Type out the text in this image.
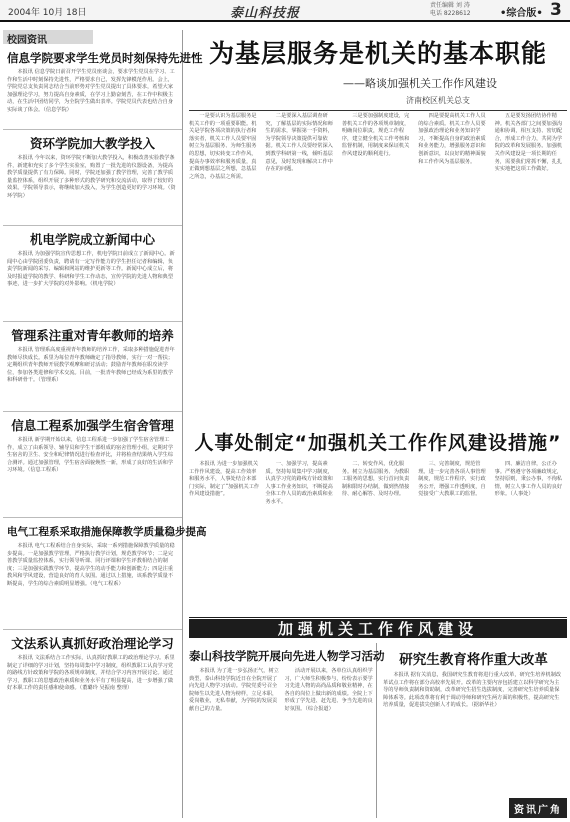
2004年 10月 18日	泰山科技报
责任编辑 刘 涛
电话 8228612	•综合版• 3
校园资讯
信息学院要求学生党员时刻保持先进性
本报讯 信息学院日前召开学生党员座谈会，要求学生党员在学习、工作和生活中时刻保持先进性，严格要求自己，发挥先锋模范作用。会上，学院党总支负责同志结合当前形势对学生党员提出了具体要求，希望大家加强理论学习，努力提高自身素质，在学习上勤奋刻苦，在工作中积极主动，在生活中团结同学，为全院学生做出表率。学院党员代表也结合自身实际谈了体会。（信息学院）
资环学院加大教学投入
本报讯 今年以来，资环学院不断加大教学投入，积极改善实验教学条件，新建和充实了多个学生实验室，购置了一批先进的仪器设备，为提高教学质量提供了有力保障。同时，学院还加强了教学管理，完善了教学质量监控体系，组织开展了多种形式的教学研究和交流活动，取得了较好的效果。学院领导表示，将继续加大投入，为学生创造更好的学习环境。（资环学院）
机电学院成立新闻中心
本报讯 为加强学院宣传思想工作，机电学院日前成立了新闻中心。新闻中心由学院团委负责，聘请有一定写作能力的学生担任记者和编辑，负责学院新闻的采写、编辑和网站的维护更新等工作。新闻中心成立后，将及时报道学院的教学、科研和学生工作动态，宣传学院的先进人物和典型事迹，进一步扩大学院的对外影响。（机电学院）
管理系注重对青年教师的培养
本报讯 管理系高度重视青年教师的培养工作，采取多种措施促进青年教师尽快成长。系里为每位青年教师确定了指导教师，实行一对一帮扶；定期组织青年教师开展教学观摩和研讨活动；鼓励青年教师在职攻读学位，参加各类进修和学术交流。目前，一批青年教师已经成为系里的教学和科研骨干。（管理系）
信息工程系加强学生宿舍管理
本报讯 新学期开始以来，信息工程系进一步加强了学生宿舍管理工作，成立了由系领导、辅导员和学生干部组成的宿舍管理小组，定期对学生宿舍的卫生、安全和纪律情况进行检查评比，并将检查结果纳入学生综合测评。通过加强管理，学生宿舍面貌焕然一新，形成了良好的生活和学习环境。（信息工程系）
电气工程系采取措施保障教学质量稳步提高
本报讯 电气工程系结合自身实际，采取一系列措施保障教学质量的稳步提高。一是加强教学管理，严格执行教学计划，规范教学环节；二是完善教学质量监控体系，实行领导听课、同行评课和学生评教相结合的制度；三是加强实践教学环节，提高学生的动手能力和创新能力；四是注重教风和学风建设，营造良好的育人氛围。通过以上措施，该系教学质量不断提高，学生的综合素质明显增强。（电气工程系）
文法系认真抓好政治理论学习
本报讯 文法系结合工作实际，认真抓好教职工的政治理论学习。系里制定了详细的学习计划，坚持每周集中学习制度，组织教职工认真学习党的路线方针政策和学院的各项规章制度，并结合学习内容开展讨论。通过学习，教职工的思想政治素质和业务水平有了明显提高，进一步增强了做好本职工作的责任感和使命感。（董璐玲 吴振南 整理）
为基层服务是机关的基本职能
——略谈加强机关工作作风建设
济南校区机关总支
一是要认识为基层服务是机关工作的一项重要职能。机关是学院各项决策的执行者和落实者，机关工作人员要牢固树立为基层服务、为师生服务的思想，切实转变工作作风，提高办事效率和服务质量，真正做到想基层之所想，急基层之所急，办基层之所需。
二是要深入基层调查研究，了解基层的实际情况和师生的需求，掌握第一手资料，为学院领导决策提供可靠依据。机关工作人员要经常深入到教学科研第一线，倾听基层意见，及时发现和解决工作中存在的问题。
三是要加强制度建设，完善机关工作的各项规章制度，明确岗位职责，规范工作程序，建立健全机关工作考核和监督机制，用制度来保证机关作风建设的顺利进行。
四是要提高机关工作人员的综合素质。机关工作人员要加强政治理论和业务知识学习，不断提高自身的政治素质和业务能力，增强服务意识和创新意识，以良好的精神面貌和工作作风为基层服务。
五是要发扬团结协作精神。机关各部门之间要加强沟通和协调，相互支持、密切配合，形成工作合力，共同为学院的改革和发展服务。加强机关作风建设是一项长期的任务，需要我们常抓不懈，扎扎实实地把这项工作做好。
人事处制定“加强机关工作作风建设措施”
本报讯 为进一步加强机关工作作风建设，提高工作效率和服务水平，人事处结合本部门实际，制定了“加强机关工作作风建设措施”。
一、加强学习，提高素质。坚持每周集中学习制度，认真学习党的路线方针政策和人事工作业务知识，不断提高全体工作人员的政治素质和业务水平。
二、转变作风，优化服务。树立为基层服务、为教职工服务的思想，实行首问负责制和限时办结制，做到热情接待、耐心解答、及时办理。
三、完善制度，规范管理。进一步完善各项人事管理制度，规范工作程序，实行政务公开，增强工作透明度，自觉接受广大教职工的监督。
四、廉洁自律，公正办事。严格遵守各项廉政规定，坚持原则，秉公办事，不徇私情，树立人事工作人员的良好形象。（人事处）
加强机关工作作风建设
泰山科技学院开展向先进人物学习活动
本报讯 为了进一步弘扬正气，树立典型，泰山科技学院近日在全院开展了向先进人物学习活动。学院党委号召全院师生以先进人物为榜样，立足本职，爱岗敬业，无私奉献，为学院的发展贡献自己的力量。
活动开展以来，各单位认真组织学习，广大师生积极参与，纷纷表示要学习先进人物的高尚品质和敬业精神，在各自的岗位上做出新的成绩。全院上下形成了学先进、赶先进、争当先进的良好氛围。（综合报道）
研究生教育将作重大改革
本报讯 据有关消息，我国研究生教育将进行重大改革，研究生培养机制改革试点工作将在部分高校率先展开。改革的主要内容包括建立以科学研究为主导的导师负责制和资助制，改革研究生招生选拔制度，完善研究生培养质量保障体系等。此项改革将有利于调动导师和研究生两方面的积极性，提高研究生培养质量，促进拔尖创新人才的成长。（据新华社）
资讯广角
